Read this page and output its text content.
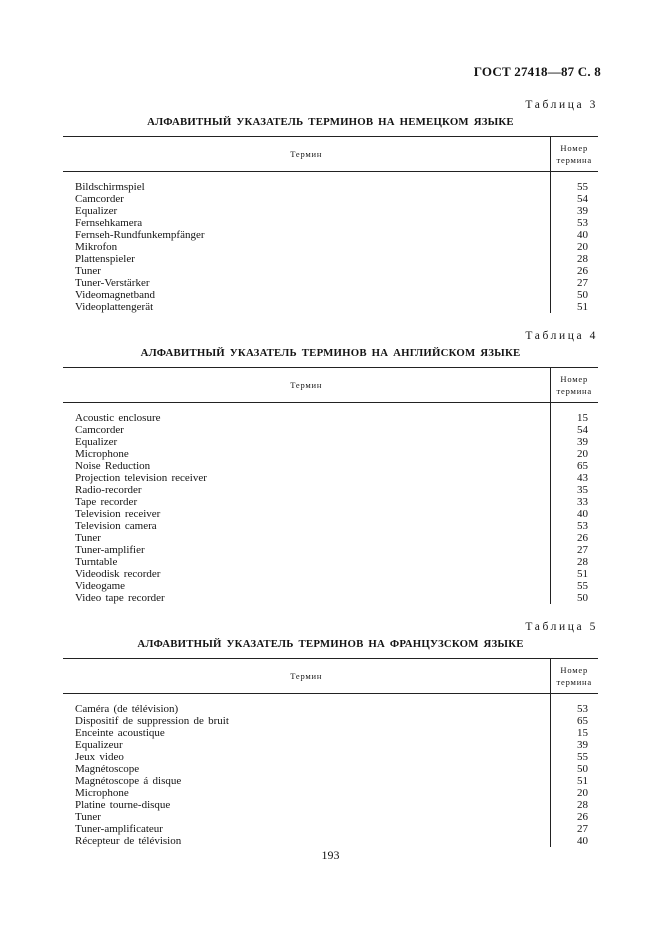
ГОСТ 27418—87 С. 8
Таблица 3
АЛФАВИТНЫЙ УКАЗАТЕЛЬ ТЕРМИНОВ НА НЕМЕЦКОМ ЯЗЫКЕ
Термин	Номер
термина

Bildschirmspiel	55
Camcorder	54
Equalizer	39
Fernsehkamera	53
Fernseh-Rundfunkempfänger	40
Mikrofon	20
Plattenspieler	28
Tuner	26
Tuner-Verstärker	27
Videomagnetband	50
Videoplattengerät	51
Таблица 4
АЛФАВИТНЫЙ УКАЗАТЕЛЬ ТЕРМИНОВ НА АНГЛИЙСКОМ ЯЗЫКЕ
Термин	Номер
термина

Acoustic enclosure	15
Camcorder	54
Equalizer	39
Microphone	20
Noise Reduction	65
Projection television receiver	43
Radio-recorder	35
Tape recorder	33
Television receiver	40
Television camera	53
Tuner	26
Tuner-amplifier	27
Turntable	28
Videodisk recorder	51
Videogame	55
Video tape recorder	50
Таблица 5
АЛФАВИТНЫЙ УКАЗАТЕЛЬ ТЕРМИНОВ НА ФРАНЦУЗСКОМ ЯЗЫКЕ
Термин	Номер
термина

Caméra (de télévision)	53
Dispositif de suppression de bruit	65
Enceinte acoustique	15
Equalizeur	39
Jeux video	55
Magnétoscope	50
Magnétoscope á disque	51
Microphone	20
Platine tourne-disque	28
Tuner	26
Tuner-amplificateur	27
Récepteur de télévision	40
193
